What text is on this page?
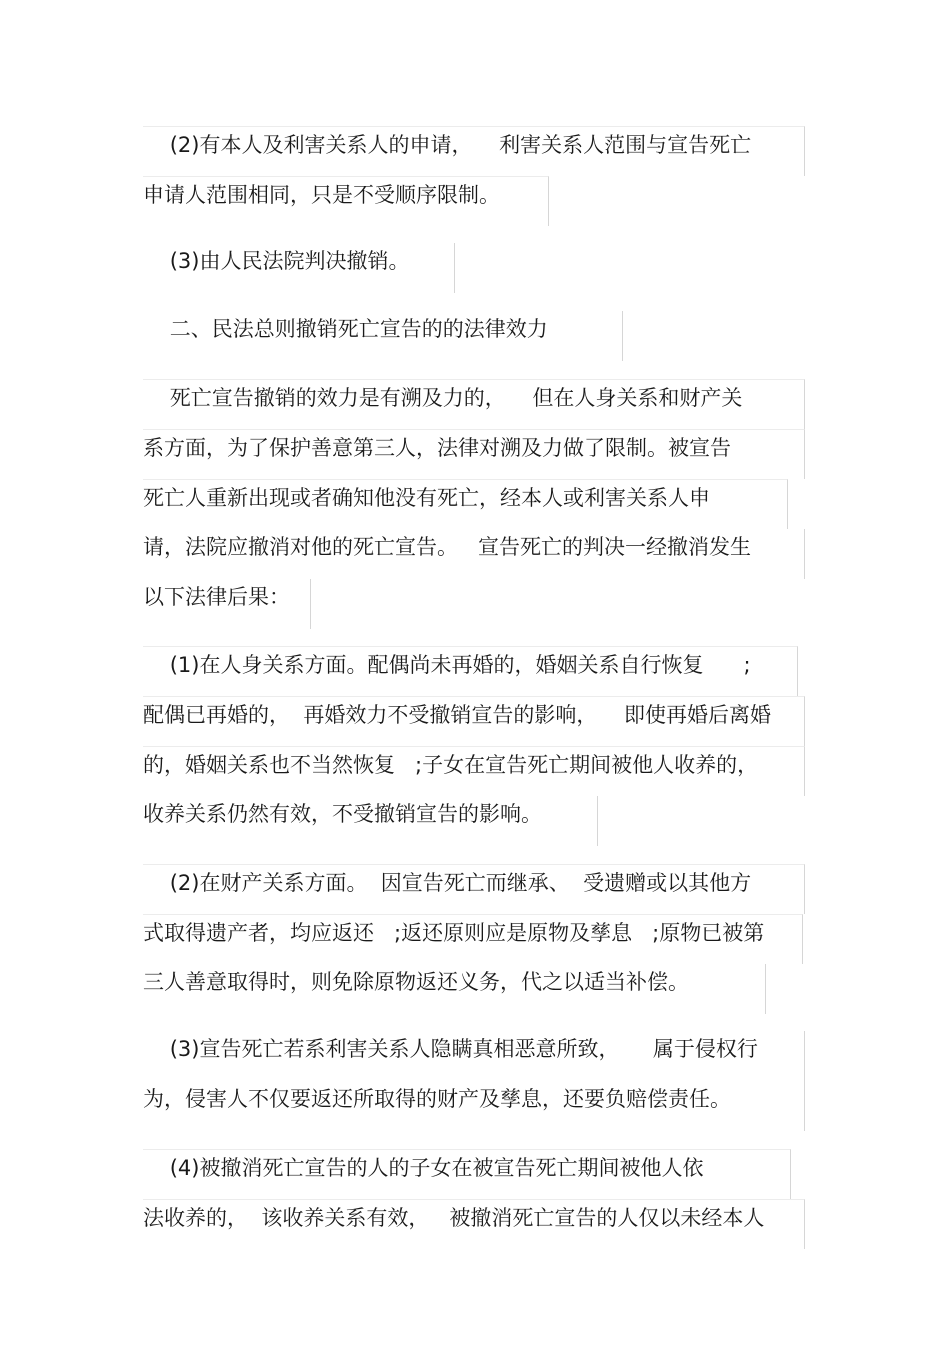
(2)有本人及利害关系人的申请，    利害关系人范围与宣告死亡
申请人范围相同，只是不受顺序限制。
(3)由人民法院判决撤销。
二、民法总则撤销死亡宣告的的法律效力
死亡宣告撤销的效力是有溯及力的，    但在人身关系和财产关
系方面，为了保护善意第三人，法律对溯及力做了限制。被宣告
死亡人重新出现或者确知他没有死亡，经本人或利害关系人申
请，法院应撤消对他的死亡宣告。   宣告死亡的判决一经撤消发生
以下法律后果：
(1)在人身关系方面。配偶尚未再婚的，婚姻关系自行恢复      ;
配偶已再婚的，  再婚效力不受撤销宣告的影响，    即使再婚后离婚
的，婚姻关系也不当然恢复   ;子女在宣告死亡期间被他人收养的，
收养关系仍然有效，不受撤销宣告的影响。
(2)在财产关系方面。  因宣告死亡而继承、  受遗赠或以其他方
式取得遗产者，均应返还   ;返还原则应是原物及孳息   ;原物已被第
三人善意取得时，则免除原物返还义务，代之以适当补偿。
(3)宣告死亡若系利害关系人隐瞒真相恶意所致，     属于侵权行
为，侵害人不仅要返还所取得的财产及孳息，还要负赔偿责任。
(4)被撤消死亡宣告的人的子女在被宣告死亡期间被他人依
法收养的，  该收养关系有效，   被撤消死亡宣告的人仅以未经本人
